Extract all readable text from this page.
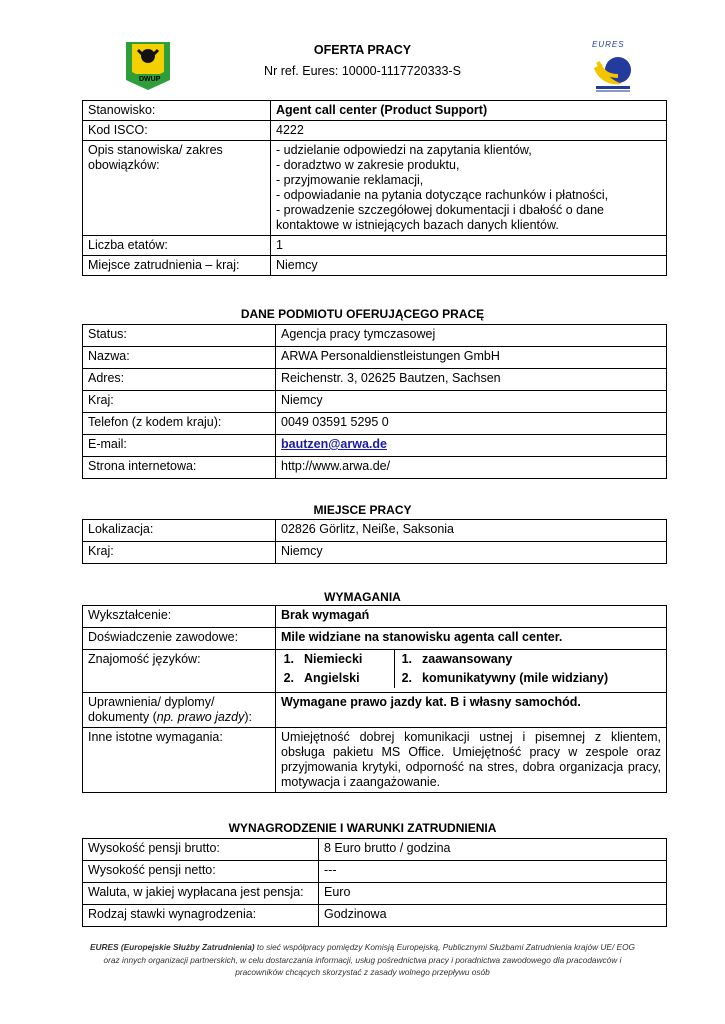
DWUP
OFERTA PRACY
Nr ref. Eures: 10000-1117720333-S
EURES
Stanowisko:	Agent call center (Product Support)
Kod ISCO:	4222
Opis stanowiska/ zakres obowiązków:	- udzielanie odpowiedzi na zapytania klientów,
- doradztwo w zakresie produktu,
- przyjmowanie reklamacji,
- odpowiadanie na pytania dotyczące rachunków i płatności,
- prowadzenie szczegółowej dokumentacji i dbałość o dane kontaktowe w istniejących bazach danych klientów.

Liczba etatów:	1
Miejsce zatrudnienia – kraj:	Niemcy
DANE PODMIOTU OFERUJĄCEGO PRACĘ
Status:	Agencja pracy tymczasowej
Nazwa:	ARWA Personaldienstleistungen GmbH
Adres:	Reichenstr. 3, 02625 Bautzen, Sachsen
Kraj:	Niemcy
Telefon (z kodem kraju):	0049 03591 5295 0
E-mail:	bautzen@arwa.de
Strona internetowa:	http://www.arwa.de/
MIEJSCE PRACY
Lokalizacja:	02826 Görlitz, Neiße, Saksonia
Kraj:	Niemcy
WYMAGANIA
Wykształcenie:	Brak wymagań
Doświadczenie zawodowe:	Mile widziane na stanowisku agenta call center.
Znajomość języków:		1.	Niemiecki	1.	zaawansowany
2.	Angielski	2.	komunikatywny (mile widziany)

Uprawnienia/ dyplomy/ dokumenty (np. prawo jazdy):	Wymagane prawo jazdy kat. B i własny samochód.
Inne istotne wymagania:	Umiejętność dobrej komunikacji ustnej i pisemnej z klientem, obsługa pakietu MS Office. Umiejętność pracy w zespole oraz przyjmowania krytyki, odporność na stres, dobra organizacja pracy, motywacja i zaangażowanie.
WYNAGRODZENIE I WARUNKI ZATRUDNIENIA
Wysokość pensji brutto:	8 Euro brutto / godzina
Wysokość pensji netto:	---
Waluta, w jakiej wypłacana jest pensja:	Euro
Rodzaj stawki wynagrodzenia:	Godzinowa
EURES (Europejskie Służby Zatrudnienia) to sieć współpracy pomiędzy Komisją Europejską, Publicznymi Służbami Zatrudnienia krajów UE/ EOG
oraz innych organizacji partnerskich, w celu dostarczania informacji, usług pośrednictwa pracy i poradnictwa zawodowego dla pracodawców i
pracowników chcących skorzystać z zasady wolnego przepływu osób
